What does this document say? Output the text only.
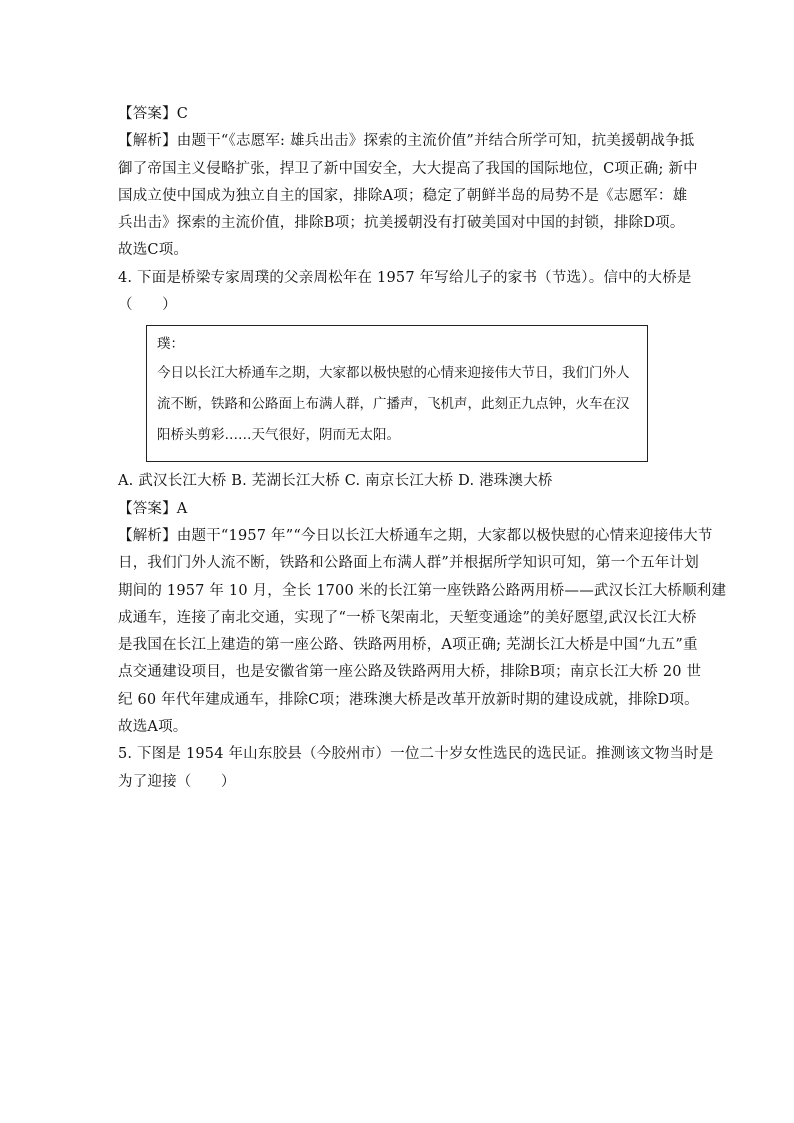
【答案】C
【解析】由题干“《志愿军: 雄兵出击》探索的主流价值”并结合所学可知，抗美援朝战争抵
御了帝国主义侵略扩张，捍卫了新中国安全，大大提高了我国的国际地位，C项正确; 新中
国成立使中国成为独立自主的国家，排除A项；稳定了朝鲜半岛的局势不是《志愿军：雄
兵出击》探索的主流价值，排除B项；抗美援朝没有打破美国对中国的封锁，排除D项。
故选C项。
4. 下面是桥梁专家周璞的父亲周松年在 1957 年写给儿子的家书（节选）。信中的大桥是
（　　）
璞：
今日以长江大桥通车之期，大家都以极快慰的心情来迎接伟大节日，我们门外人
流不断，铁路和公路面上布满人群，广播声，飞机声，此刻正九点钟，火车在汉
阳桥头剪彩……天气很好，阴而无太阳。
A. 武汉长江大桥 B. 芜湖长江大桥 C. 南京长江大桥 D. 港珠澳大桥
【答案】A
【解析】由题干“1957 年”“今日以长江大桥通车之期，大家都以极快慰的心情来迎接伟大节
日，我们门外人流不断，铁路和公路面上布满人群”并根据所学知识可知，第一个五年计划
期间的 1957 年 10 月，全长 1700 米的长江第一座铁路公路两用桥——武汉长江大桥顺利建
成通车，连接了南北交通，实现了“一桥飞架南北，天堑变通途”的美好愿望,武汉长江大桥
是我国在长江上建造的第一座公路、铁路两用桥，A项正确; 芜湖长江大桥是中国“九五”重
点交通建设项目，也是安徽省第一座公路及铁路两用大桥，排除B项；南京长江大桥 20 世
纪 60 年代年建成通车，排除C项；港珠澳大桥是改革开放新时期的建设成就，排除D项。
故选A项。
5. 下图是 1954 年山东胶县（今胶州市）一位二十岁女性选民的选民证。推测该文物当时是
为了迎接（　　）
